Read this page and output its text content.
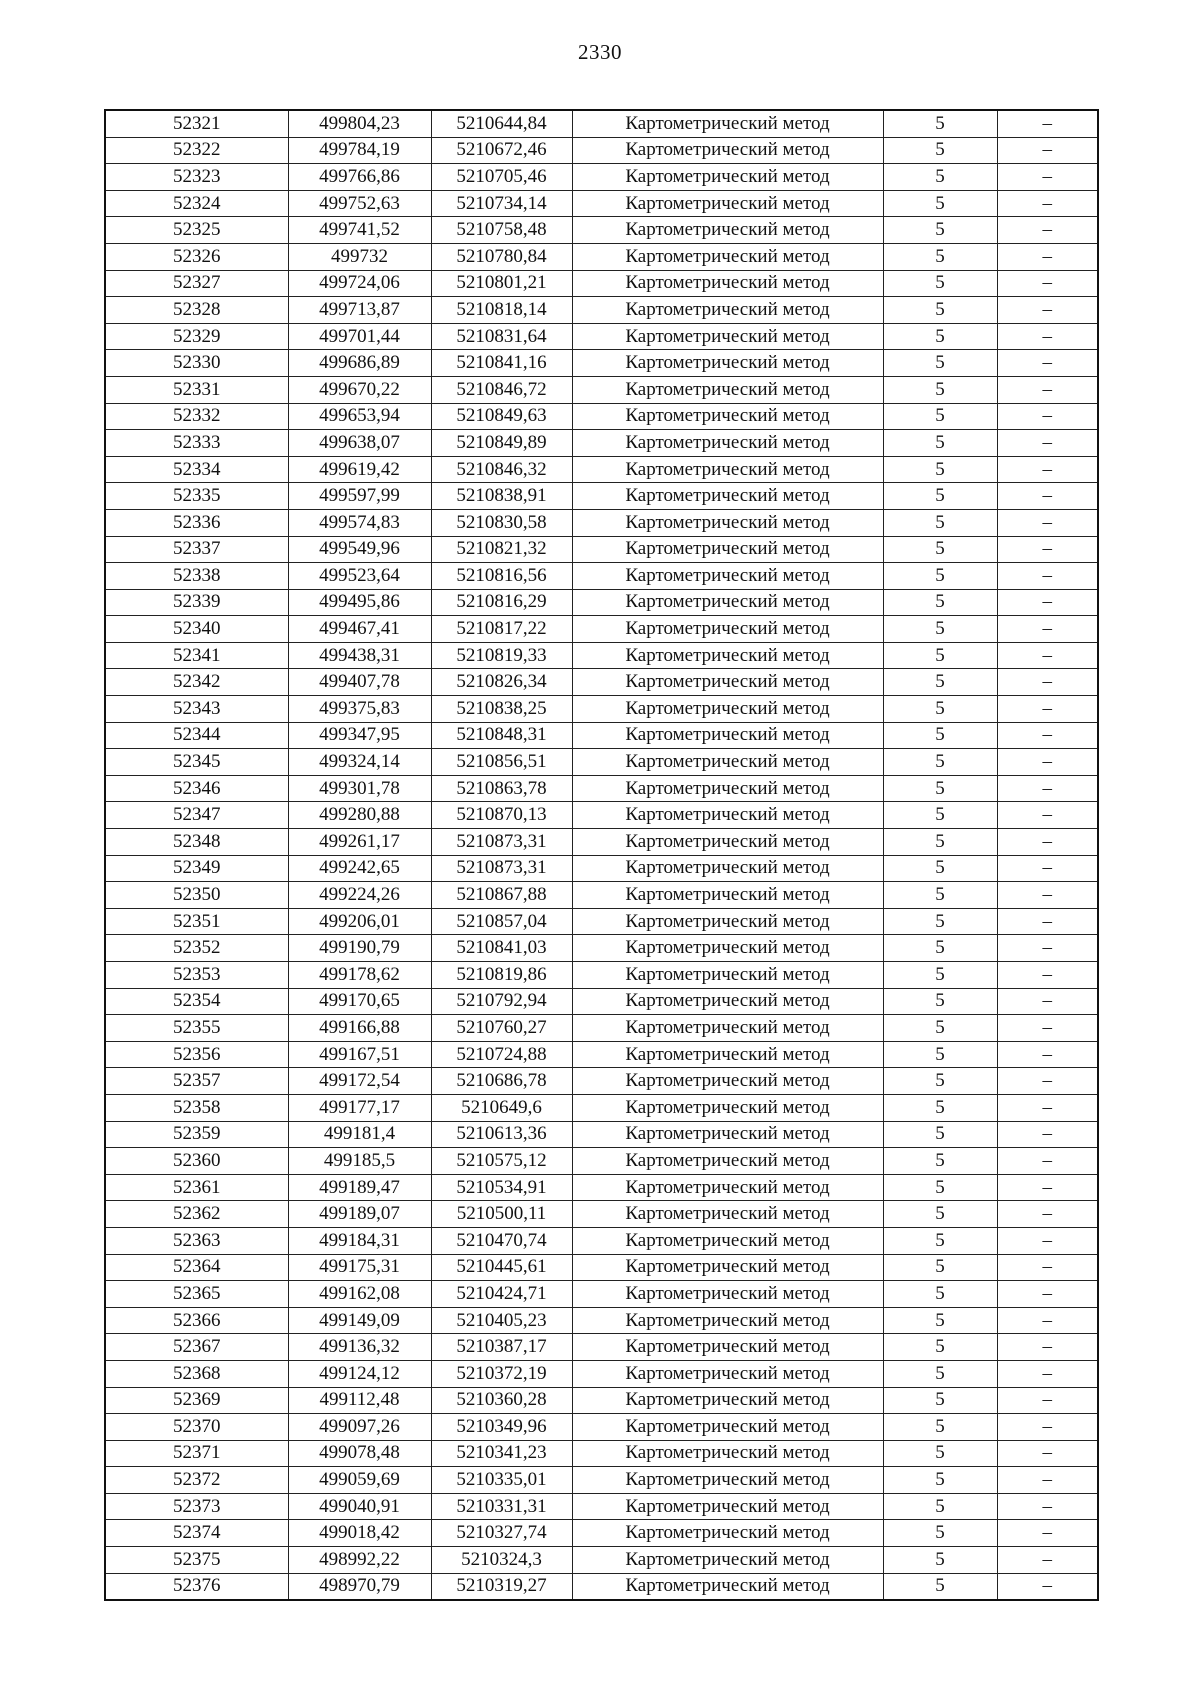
2330
52321	499804,23	5210644,84	Картометрический метод	5	–
52322	499784,19	5210672,46	Картометрический метод	5	–
52323	499766,86	5210705,46	Картометрический метод	5	–
52324	499752,63	5210734,14	Картометрический метод	5	–
52325	499741,52	5210758,48	Картометрический метод	5	–
52326	499732	5210780,84	Картометрический метод	5	–
52327	499724,06	5210801,21	Картометрический метод	5	–
52328	499713,87	5210818,14	Картометрический метод	5	–
52329	499701,44	5210831,64	Картометрический метод	5	–
52330	499686,89	5210841,16	Картометрический метод	5	–
52331	499670,22	5210846,72	Картометрический метод	5	–
52332	499653,94	5210849,63	Картометрический метод	5	–
52333	499638,07	5210849,89	Картометрический метод	5	–
52334	499619,42	5210846,32	Картометрический метод	5	–
52335	499597,99	5210838,91	Картометрический метод	5	–
52336	499574,83	5210830,58	Картометрический метод	5	–
52337	499549,96	5210821,32	Картометрический метод	5	–
52338	499523,64	5210816,56	Картометрический метод	5	–
52339	499495,86	5210816,29	Картометрический метод	5	–
52340	499467,41	5210817,22	Картометрический метод	5	–
52341	499438,31	5210819,33	Картометрический метод	5	–
52342	499407,78	5210826,34	Картометрический метод	5	–
52343	499375,83	5210838,25	Картометрический метод	5	–
52344	499347,95	5210848,31	Картометрический метод	5	–
52345	499324,14	5210856,51	Картометрический метод	5	–
52346	499301,78	5210863,78	Картометрический метод	5	–
52347	499280,88	5210870,13	Картометрический метод	5	–
52348	499261,17	5210873,31	Картометрический метод	5	–
52349	499242,65	5210873,31	Картометрический метод	5	–
52350	499224,26	5210867,88	Картометрический метод	5	–
52351	499206,01	5210857,04	Картометрический метод	5	–
52352	499190,79	5210841,03	Картометрический метод	5	–
52353	499178,62	5210819,86	Картометрический метод	5	–
52354	499170,65	5210792,94	Картометрический метод	5	–
52355	499166,88	5210760,27	Картометрический метод	5	–
52356	499167,51	5210724,88	Картометрический метод	5	–
52357	499172,54	5210686,78	Картометрический метод	5	–
52358	499177,17	5210649,6	Картометрический метод	5	–
52359	499181,4	5210613,36	Картометрический метод	5	–
52360	499185,5	5210575,12	Картометрический метод	5	–
52361	499189,47	5210534,91	Картометрический метод	5	–
52362	499189,07	5210500,11	Картометрический метод	5	–
52363	499184,31	5210470,74	Картометрический метод	5	–
52364	499175,31	5210445,61	Картометрический метод	5	–
52365	499162,08	5210424,71	Картометрический метод	5	–
52366	499149,09	5210405,23	Картометрический метод	5	–
52367	499136,32	5210387,17	Картометрический метод	5	–
52368	499124,12	5210372,19	Картометрический метод	5	–
52369	499112,48	5210360,28	Картометрический метод	5	–
52370	499097,26	5210349,96	Картометрический метод	5	–
52371	499078,48	5210341,23	Картометрический метод	5	–
52372	499059,69	5210335,01	Картометрический метод	5	–
52373	499040,91	5210331,31	Картометрический метод	5	–
52374	499018,42	5210327,74	Картометрический метод	5	–
52375	498992,22	5210324,3	Картометрический метод	5	–
52376	498970,79	5210319,27	Картометрический метод	5	–
